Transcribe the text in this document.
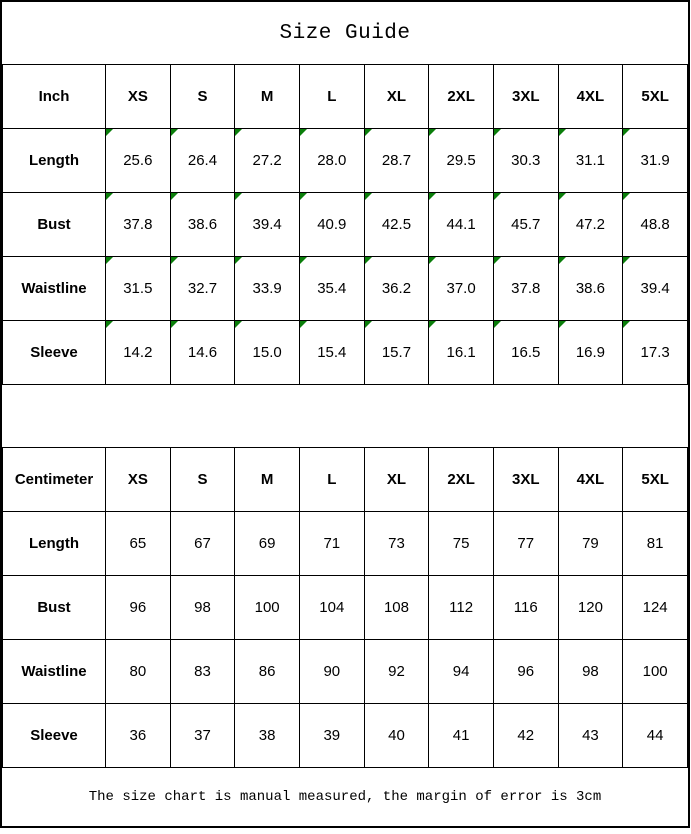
Size Guide
Inch	XS	S	M	L	XL	2XL	3XL	4XL	5XL
Length	25.6	26.4	27.2	28.0	28.7	29.5	30.3	31.1	31.9
Bust	37.8	38.6	39.4	40.9	42.5	44.1	45.7	47.2	48.8
Waistline	31.5	32.7	33.9	35.4	36.2	37.0	37.8	38.6	39.4
Sleeve	14.2	14.6	15.0	15.4	15.7	16.1	16.5	16.9	17.3
Centimeter	XS	S	M	L	XL	2XL	3XL	4XL	5XL
Length	65	67	69	71	73	75	77	79	81
Bust	96	98	100	104	108	112	116	120	124
Waistline	80	83	86	90	92	94	96	98	100
Sleeve	36	37	38	39	40	41	42	43	44
The size chart is manual measured, the margin of error is 3cm
